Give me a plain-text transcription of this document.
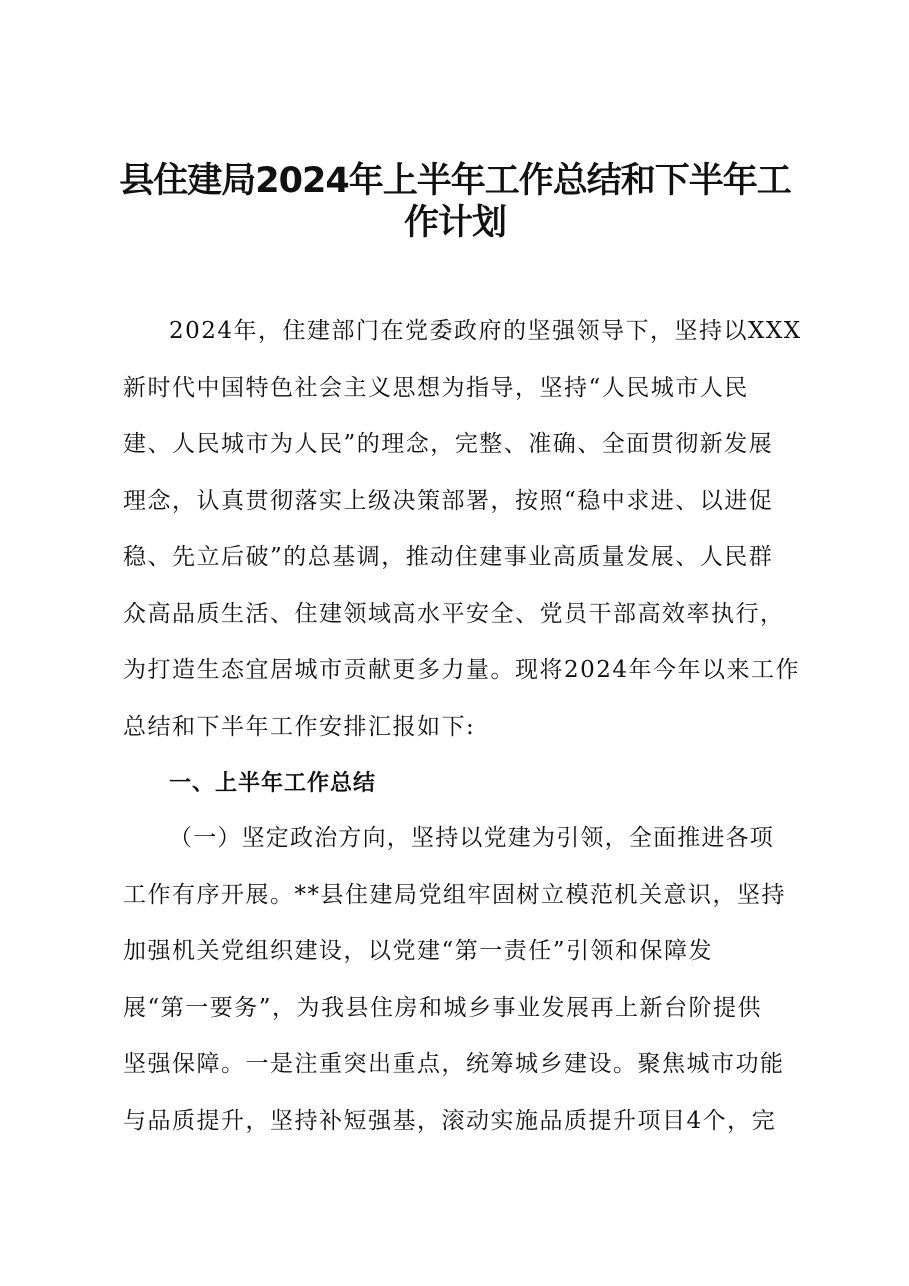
县住建局2024年上半年工作总结和下半年工
作计划
2024年，住建部门在党委政府的坚强领导下，坚持以XXX
新时代中国特色社会主义思想为指导，坚持“人民城市人民
建、人民城市为人民”的理念，完整、准确、全面贯彻新发展
理念，认真贯彻落实上级决策部署，按照“稳中求进、以进促
稳、先立后破”的总基调，推动住建事业高质量发展、人民群
众高品质生活、住建领域高水平安全、党员干部高效率执行，
为打造生态宜居城市贡献更多力量。现将2024年今年以来工作
总结和下半年工作安排汇报如下:
一、上半年工作总结
（一）坚定政治方向，坚持以党建为引领，全面推进各项
工作有序开展。**县住建局党组牢固树立模范机关意识，坚持
加强机关党组织建设，以党建“第一责任”引领和保障发
展“第一要务”，为我县住房和城乡事业发展再上新台阶提供
坚强保障。一是注重突出重点，统筹城乡建设。聚焦城市功能
与品质提升，坚持补短强基，滚动实施品质提升项目4个，完
